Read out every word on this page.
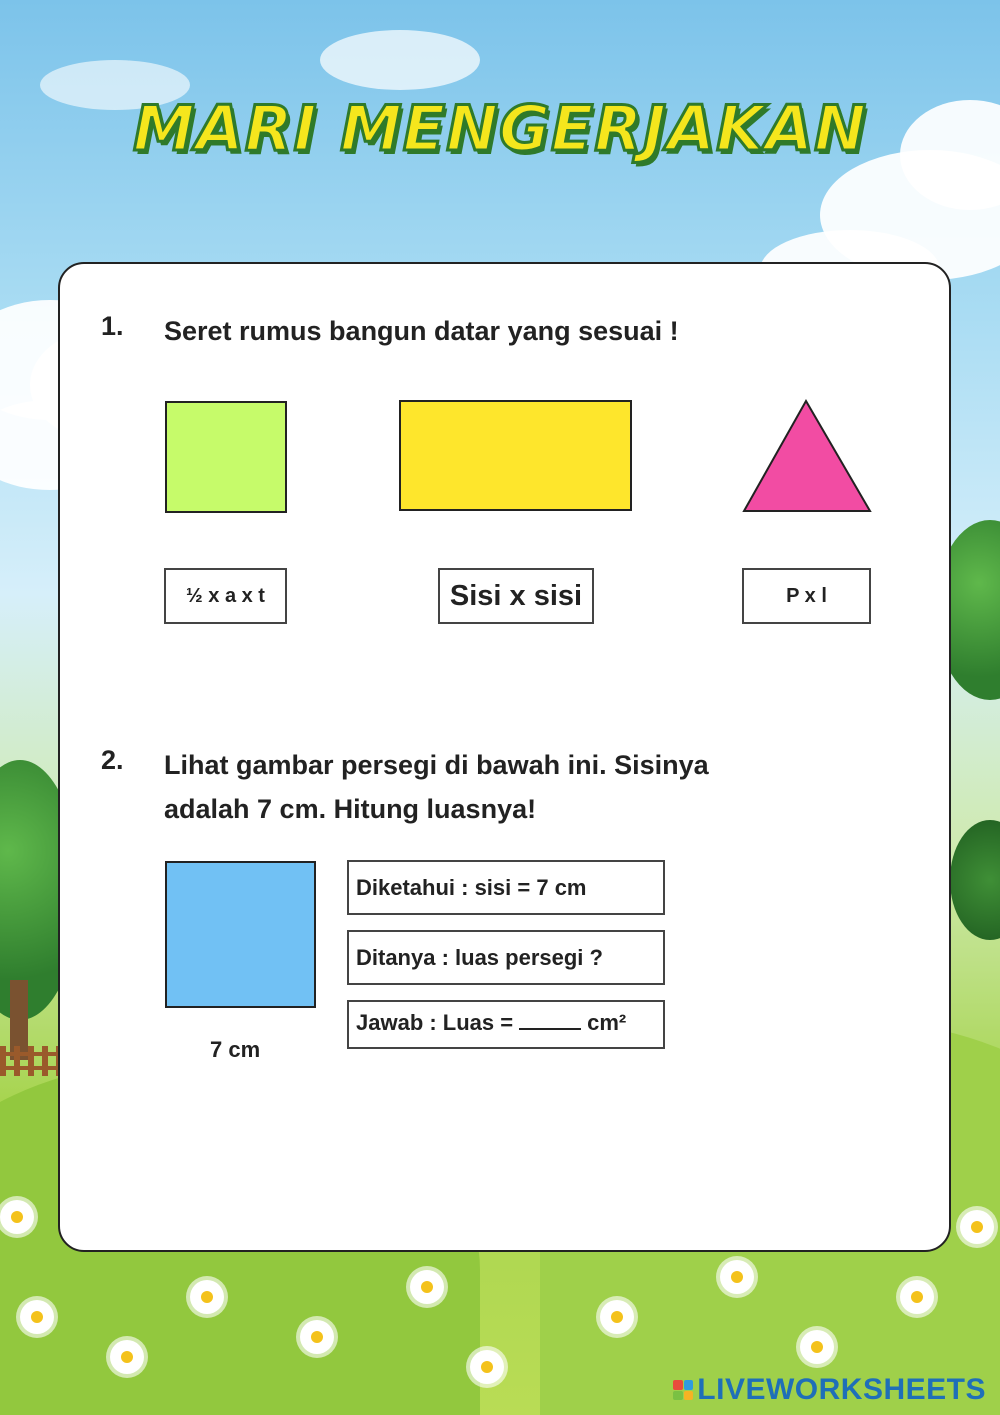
MARI MENGERJAKAN
1. Seret rumus bangun datar yang sesuai !
½ x a x t	Sisi x sisi	P x l
2. Lihat gambar persegi di bawah ini. Sisinya
adalah 7 cm. Hitung luasnya!
7 cm
Diketahui : sisi = 7 cm
Ditanya : luas persegi ?
Jawab : Luas =	cm²
LIVEWORKSHEETS
